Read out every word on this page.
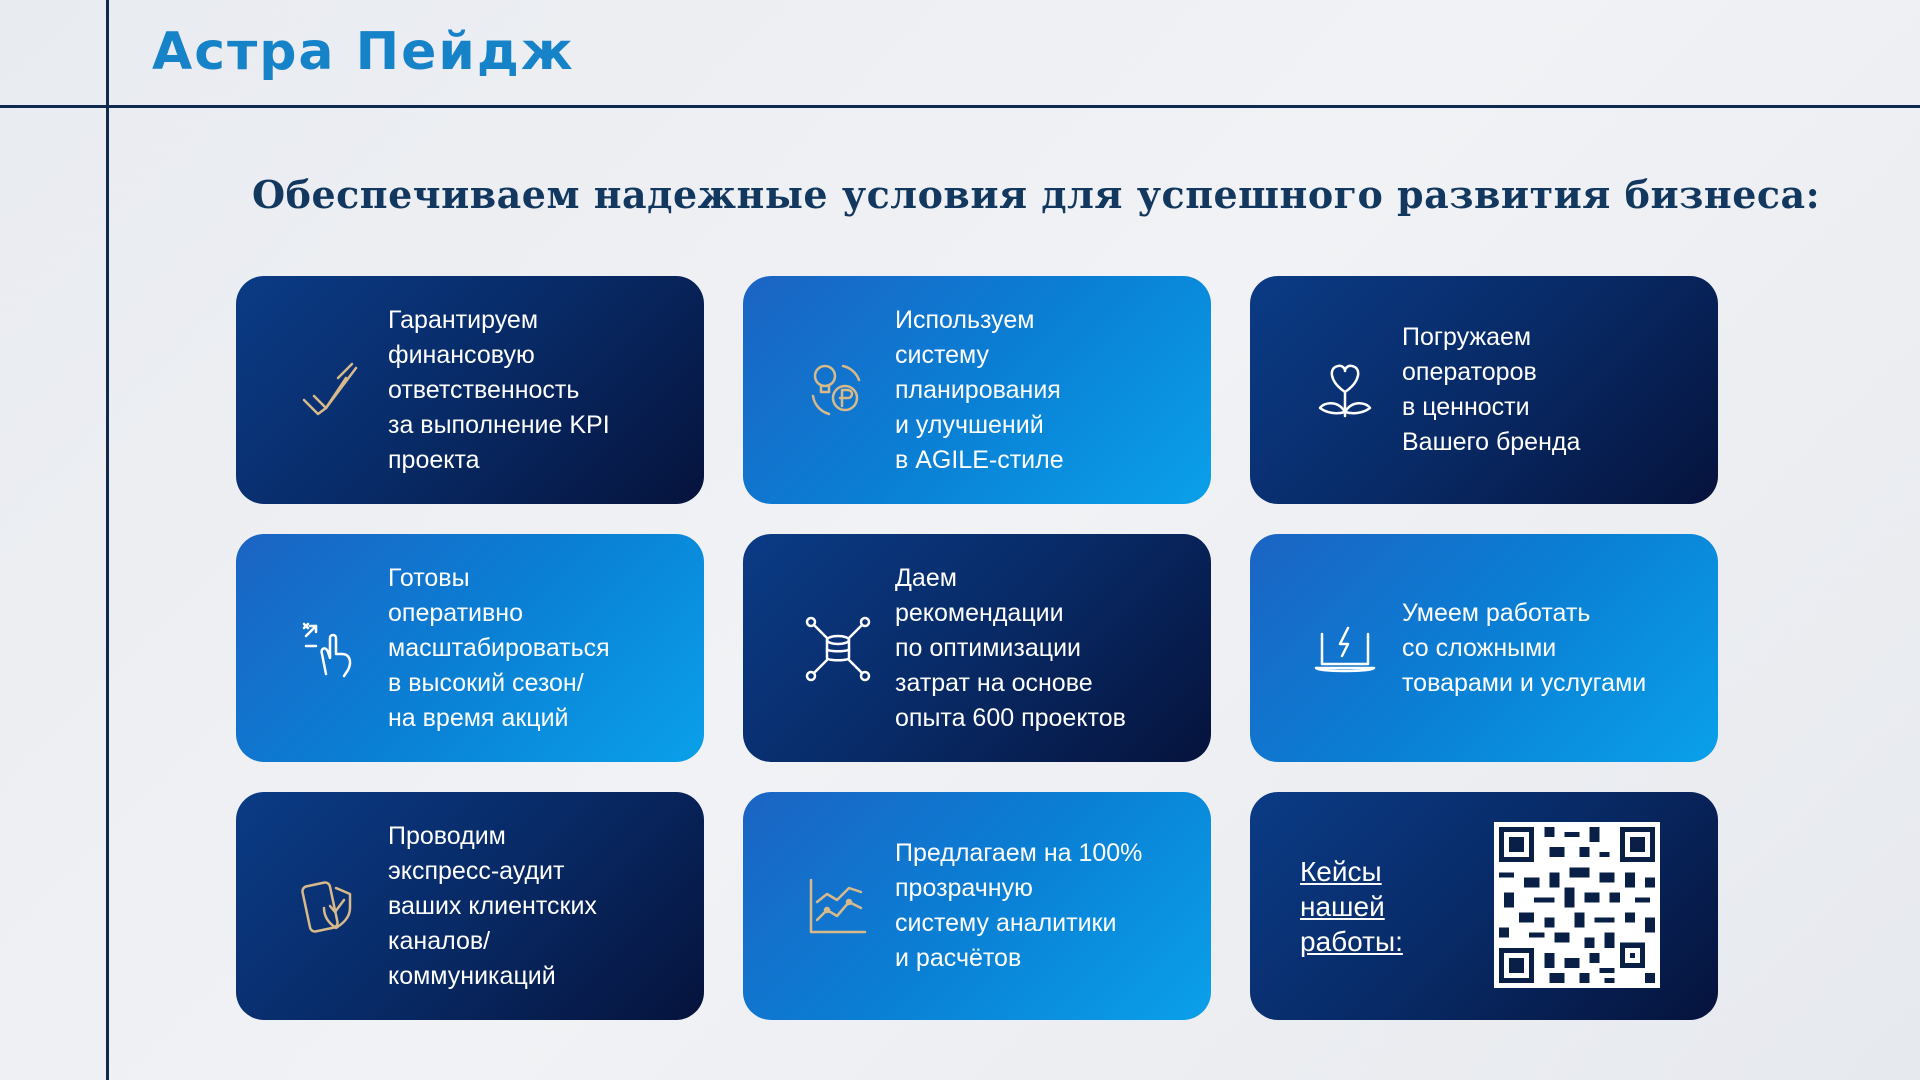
Астра Пейдж
Обеспечиваем надежные условия для успешного развития бизнеса:
Гарантируем
финансовую
ответственность
за выполнение KPI
проекта
Используем
систему
планирования
и улучшений
в AGILE-стиле
Погружаем
операторов
в ценности
Вашего бренда
Готовы
оперативно
масштабироваться
в высокий сезон/
на время акций
Даем
рекомендации
по оптимизации
затрат на основе
опыта 600 проектов
Умеем работать
со сложными
товарами и услугами
Проводим
экспресс-аудит
ваших клиентских
каналов/
коммуникаций
Предлагаем на 100%
прозрачную
систему аналитики
и расчётов
Кейсы
нашей
работы:
